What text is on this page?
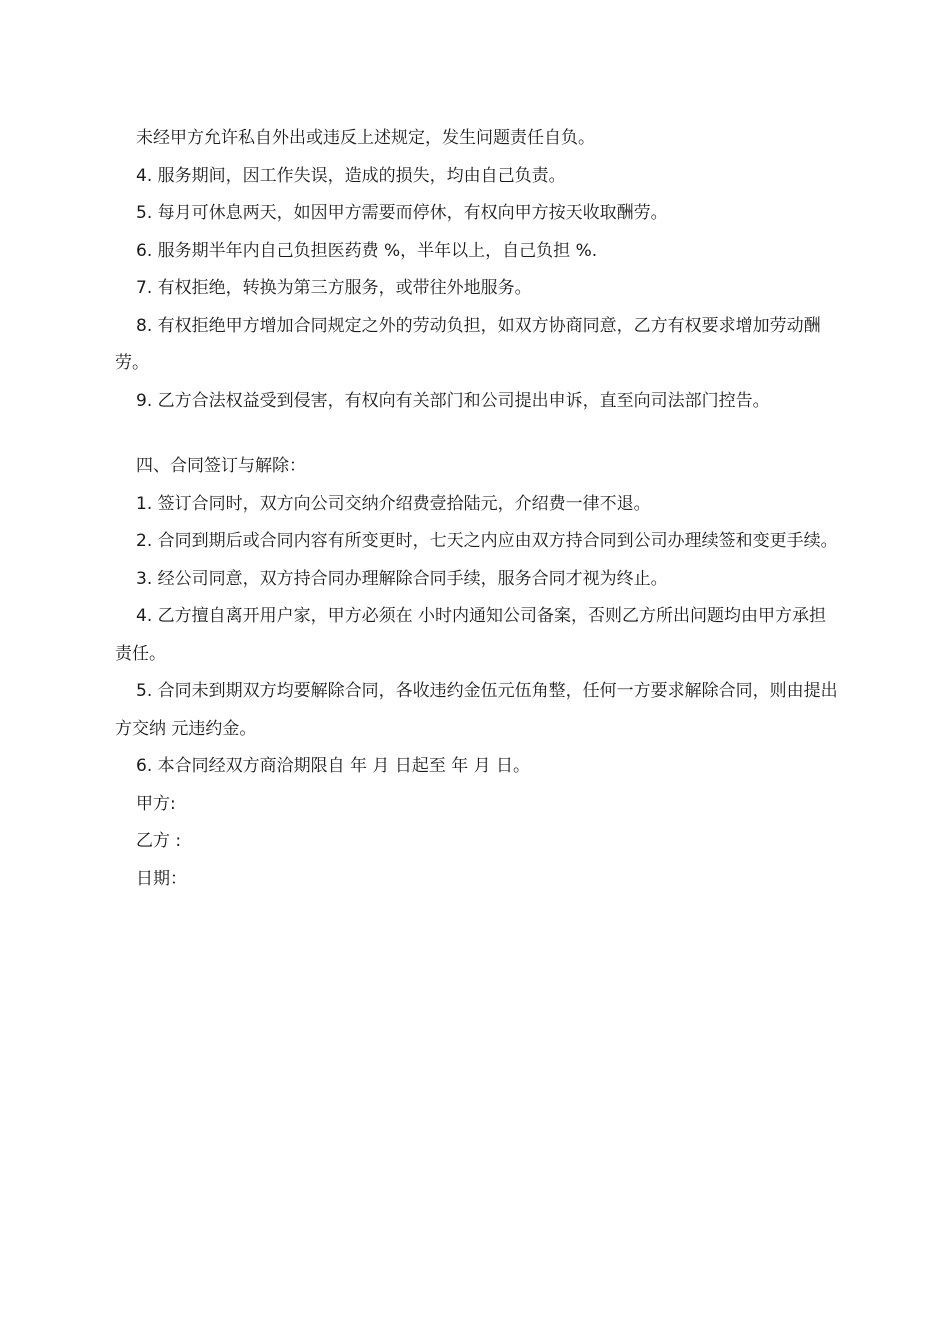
未经甲方允许私自外出或违反上述规定，发生问题责任自负。

4. 服务期间，因工作失误，造成的损失，均由自己负责。

5. 每月可休息两天，如因甲方需要而停休，有权向甲方按天收取酬劳。

6. 服务期半年内自己负担医药费 %，半年以上，自己负担 %.

7. 有权拒绝，转换为第三方服务，或带往外地服务。

8. 有权拒绝甲方增加合同规定之外的劳动负担，如双方协商同意，乙方有权要求增加劳动酬劳。

9. 乙方合法权益受到侵害，有权向有关部门和公司提出申诉，直至向司法部门控告。

四、合同签订与解除：

1. 签订合同时，双方向公司交纳介绍费壹拾陆元，介绍费一律不退。

2. 合同到期后或合同内容有所变更时，七天之内应由双方持合同到公司办理续签和变更手续。

3. 经公司同意，双方持合同办理解除合同手续，服务合同才视为终止。

4. 乙方擅自离开用户家，甲方必须在 小时内通知公司备案，否则乙方所出问题均由甲方承担责任。

5. 合同未到期双方均要解除合同，各收违约金伍元伍角整，任何一方要求解除合同，则由提出方交纳 元违约金。

6. 本合同经双方商洽期限自 年 月 日起至 年 月 日。

甲方:

乙方 :

日期：
